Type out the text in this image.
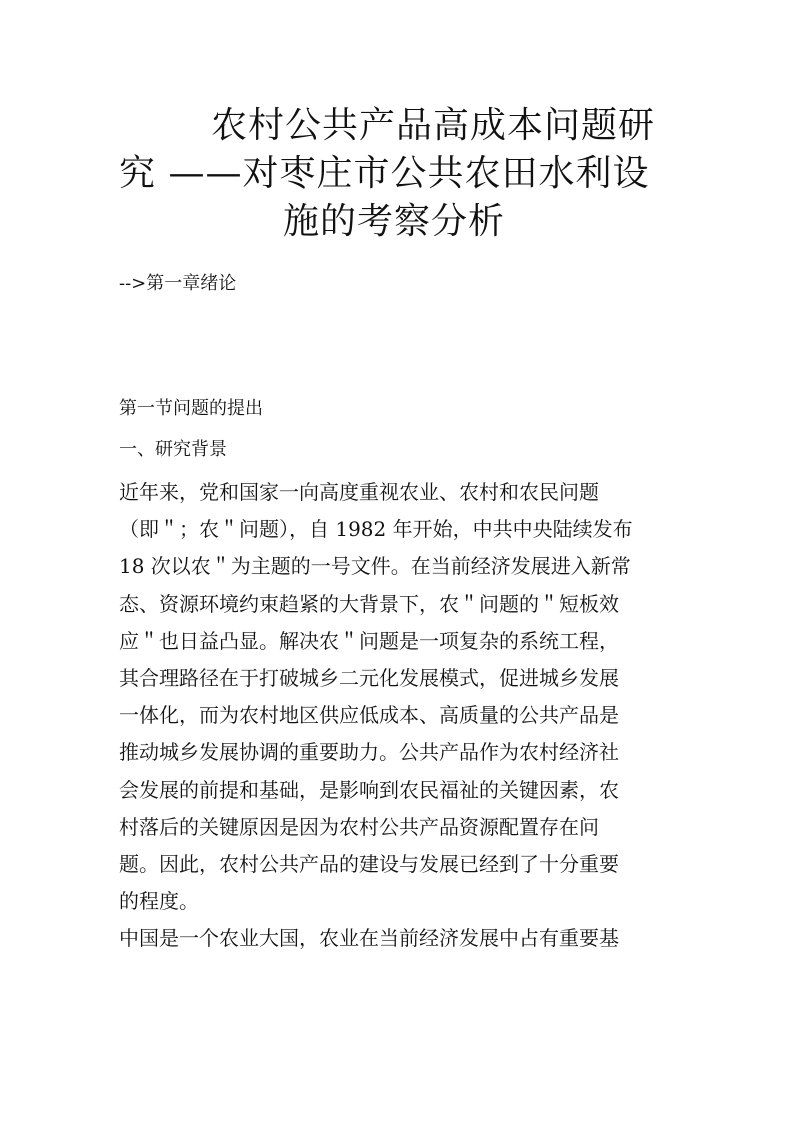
农村公共产品高成本问题研
究 ——对枣庄市公共农田水利设
施的考察分析
-->第一章绪论
第一节问题的提出
一、研究背景
近年来，党和国家一向高度重视农业、农村和农民问题
（即＂；农＂问题），自 1982 年开始，中共中央陆续发布
18 次以农＂为主题的一号文件。在当前经济发展进入新常
态、资源环境约束趋紧的大背景下，农＂问题的＂短板效
应＂也日益凸显。解决农＂问题是一项复杂的系统工程，
其合理路径在于打破城乡二元化发展模式，促进城乡发展
一体化，而为农村地区供应低成本、高质量的公共产品是
推动城乡发展协调的重要助力。公共产品作为农村经济社
会发展的前提和基础，是影响到农民福祉的关键因素，农
村落后的关键原因是因为农村公共产品资源配置存在问
题。因此，农村公共产品的建设与发展已经到了十分重要
的程度。
中国是一个农业大国，农业在当前经济发展中占有重要基
